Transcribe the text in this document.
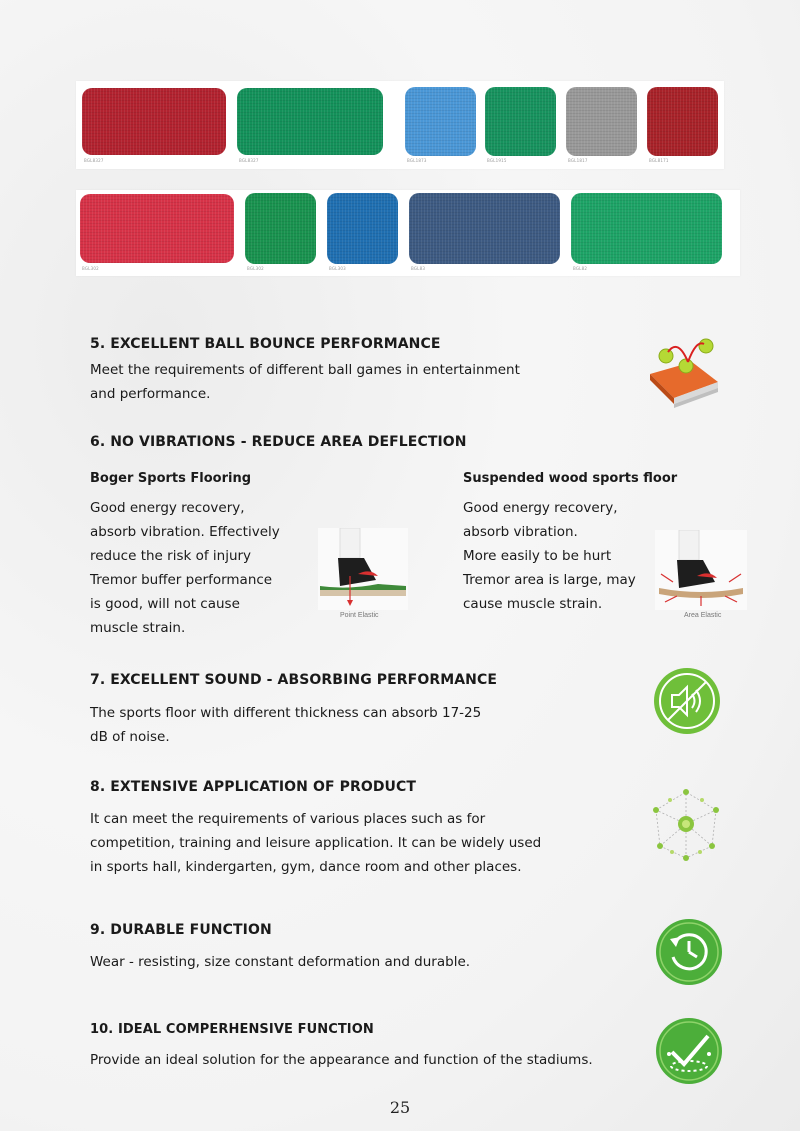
BGL8327	BGL8327	BGL1873	BGL1915	BGL1817	BGL8171
BGL302	BGL302	BGL303	BGL83	BGL82
5. EXCELLENT BALL BOUNCE PERFORMANCE

Meet the requirements of different ball games in entertainment
and performance.

6. NO VIBRATIONS - REDUCE AREA DEFLECTION
Boger Sports Flooring

Good energy recovery,
absorb vibration. Effectively
reduce the risk of injury
Tremor buffer performance
is good, will not cause
muscle strain.

Point Elastic
Suspended wood sports floor

Good energy recovery,
absorb vibration.
More easily to be hurt
Tremor area is large, may
cause muscle strain.

Area Elastic
7. EXCELLENT SOUND - ABSORBING PERFORMANCE

The sports floor with different thickness can absorb 17-25
dB of noise.

8. EXTENSIVE APPLICATION OF PRODUCT

It can meet the requirements of various places such as for
competition, training and leisure application. It can be widely used
in sports hall, kindergarten, gym, dance room and other places.

9. DURABLE FUNCTION

Wear - resisting, size constant deformation and durable.

10. IDEAL COMPERHENSIVE FUNCTION

Provide an ideal solution for the appearance and function of the stadiums.

25
